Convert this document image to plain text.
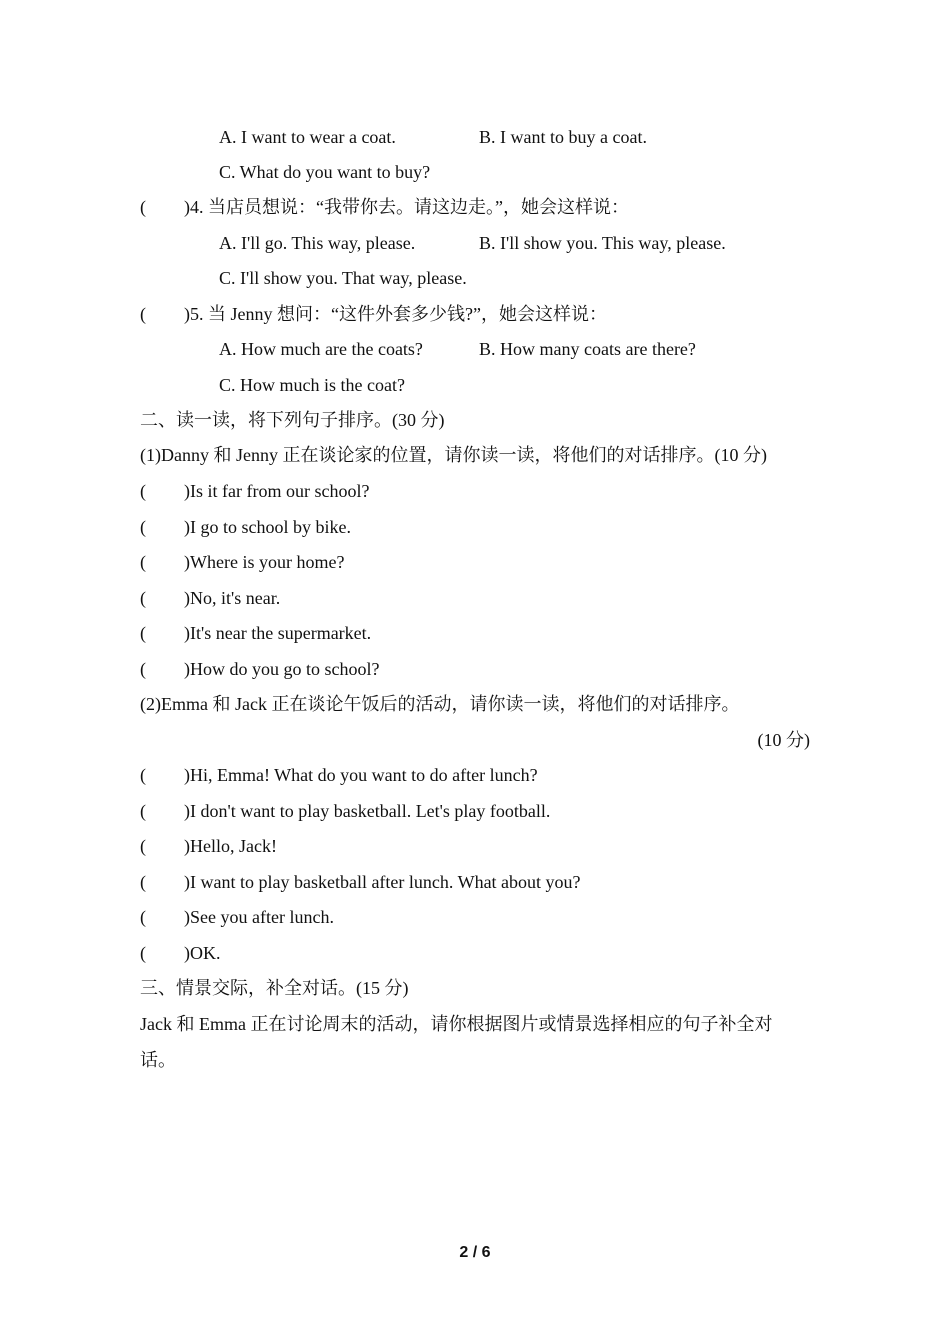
A. I want to wear a coat.	B. I want to buy a coat.
C. What do you want to buy?
( )4. 当店员想说：“我带你去。请这边走。”，她会这样说：
A. I'll go. This way, please.	B. I'll show you. This way, please.
C. I'll show you. That way, please.
( )5. 当 Jenny 想问：“这件外套多少钱?”，她会这样说：
A. How much are the coats?	B. How many coats are there?
C. How much is the coat?
二、读一读，将下列句子排序。(30 分)
(1)Danny 和 Jenny 正在谈论家的位置，请你读一读，将他们的对话排序。(10 分)
( )Is it far from our school?
( )I go to school by bike.
( )Where is your home?
( )No, it's near.
( )It's near the supermarket.
( )How do you go to school?
(2)Emma 和 Jack 正在谈论午饭后的活动，请你读一读，将他们的对话排序。
(10 分)
( )Hi, Emma! What do you want to do after lunch?
( )I don't want to play basketball. Let's play football.
( )Hello, Jack!
( )I want to play basketball after lunch. What about you?
( )See you after lunch.
( )OK.
三、情景交际，补全对话。(15 分)
Jack 和 Emma 正在讨论周末的活动，请你根据图片或情景选择相应的句子补全对
话。
2 / 6
